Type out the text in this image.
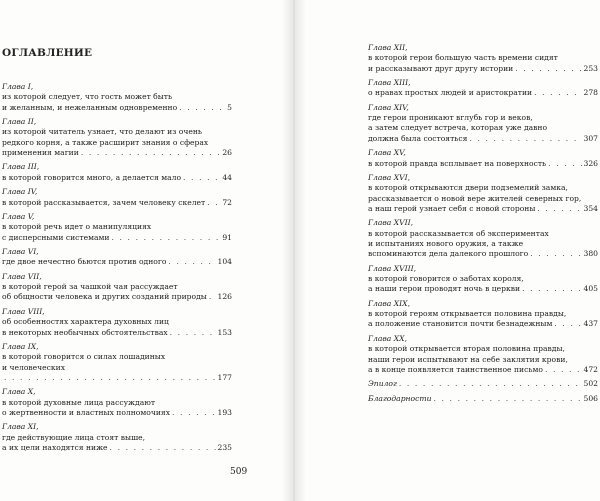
ОГЛАВЛЕНИЕ
Глава I,
из которой следует, что гость может быть
и желанным, и нежеланным одновременно . . .	5
Глава II,
из которой читатель узнает, что делают из очень
редкого корня, а также расширит знания о сферах
применения магии . . .	26
Глава III,
в которой говорится много, а делается мало . . .	44
Глава IV,
в которой рассказывается, зачем человеку скелет . . . 72
Глава V,
в которой речь идет о манипуляциях
с дисперсными системами . . .	91
Глава VI,
где двое нечестно бьются против одного . . .	104
Глава VII,
в которой герой за чашкой чая рассуждает
об общности человека и других созданий природы . . . 126
Глава VIII,
об особенностях характера духовных лиц
в некоторых необычных обстоятельствах . . .	153
Глава IX,
в которой говорится о силах лошадиных
и человеческих
. . .
177
Глава X,
в которой духовные лица рассуждают
о жертвенности и властных полномочиях . . .	193
Глава XI,
где действующие лица стоят выше,
а их цели находятся ниже . . .	235
Глава XII,
в которой герои большую часть времени сидят
и рассказывают друг другу истории . . .	253
Глава XIII,
о нравах простых людей и аристократии . . .	278
Глава XIV,
где герои проникают вглубь гор и веков,
а затем следует встреча, которая уже давно
должна была состояться . . .	307
Глава XV,
в которой правда всплывает на поверхность . . .	326
Глава XVI,
в которой открываются двери подземелий замка,
рассказывается о новой вере жителей северных гор,
а наш герой узнает себя с новой стороны . . .	354
Глава XVII,
в которой рассказывается об экспериментах
и испытаниях нового оружия, а также
вспоминаются дела далекого прошлого . . .	380
Глава XVIII,
в которой говорится о заботах короля,
а наши герои проводят ночь в церкви . . .	405
Глава XIX,
в которой героям открывается половина правды,
а положение становится почти безнадежным . . .	437
Глава XX,
в которой открывается вторая половина правды,
наши герои испытывают на себе заклятия крови,
а в конце появляется таинственное письмо . . .	472
Эпилог . . .	502
Благодарности . . .	506
509
